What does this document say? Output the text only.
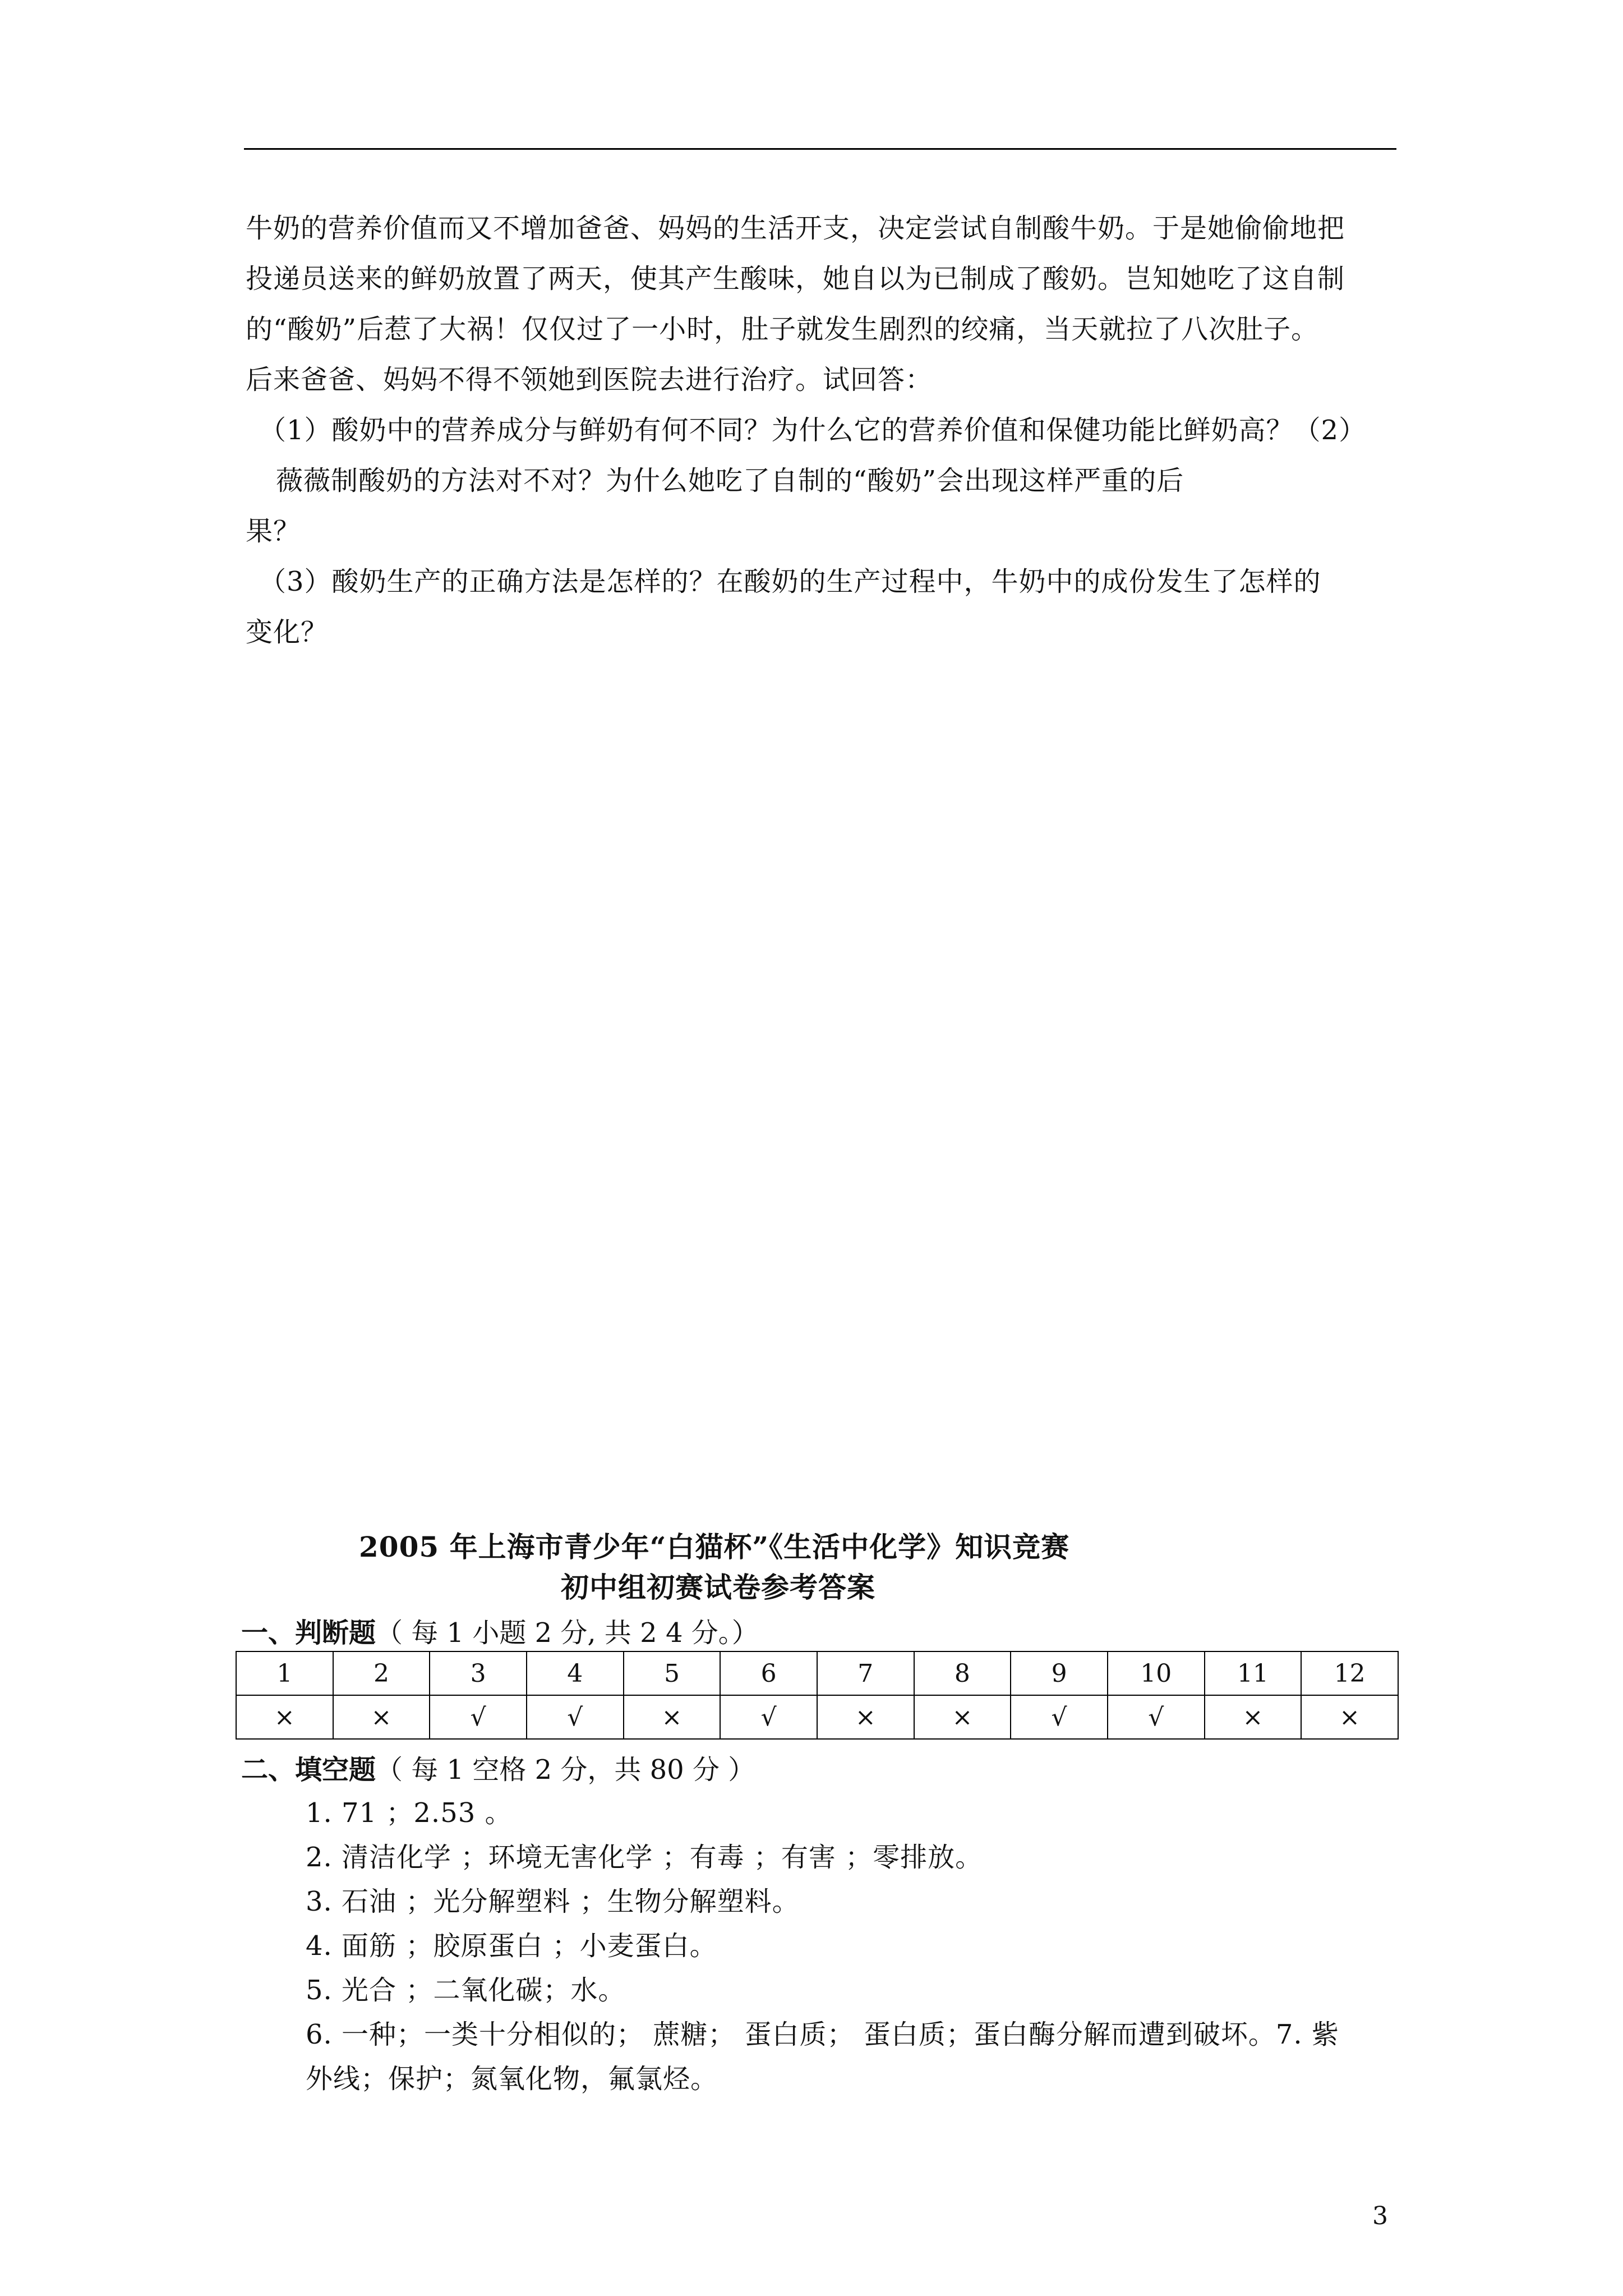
牛奶的营养价值而又不增加爸爸、妈妈的生活开支，决定尝试自制酸牛奶。于是她偷偷地把
投递员送来的鲜奶放置了两天，使其产生酸味，她自以为已制成了酸奶。岂知她吃了这自制
的“酸奶”后惹了大祸！仅仅过了一小时，肚子就发生剧烈的绞痛，当天就拉了八次肚子。
后来爸爸、妈妈不得不领她到医院去进行治疗。试回答：
（1）酸奶中的营养成分与鲜奶有何不同？为什么它的营养价值和保健功能比鲜奶高？（2）
薇薇制酸奶的方法对不对？为什么她吃了自制的“酸奶”会出现这样严重的后
果？
（3）酸奶生产的正确方法是怎样的？在酸奶的生产过程中，牛奶中的成份发生了怎样的
变化？
2005 年上海市青少年“白猫杯”《生活中化学》知识竞赛
初中组初赛试卷参考答案
一、判断题（ 每 1 小题 2 分, 共 2 4 分。）
1	2	3	4	5	6	7	8	9	10	11	12
×	×	√	√	×	√	×	×	√	√	×	×
二、填空题（ 每 1 空格 2 分，共 80 分 ）
1. 71 ；2.53 。
2. 清洁化学 ；环境无害化学 ；有毒 ；有害 ；零排放。
3. 石油 ；光分解塑料 ；生物分解塑料。
4. 面筋 ；胶原蛋白 ；小麦蛋白。
5. 光合 ；二氧化碳；水。
6. 一种；一类十分相似的； 蔗糖； 蛋白质； 蛋白质；蛋白酶分解而遭到破坏。7. 紫
外线；保护；氮氧化物，氟氯烃。
3
